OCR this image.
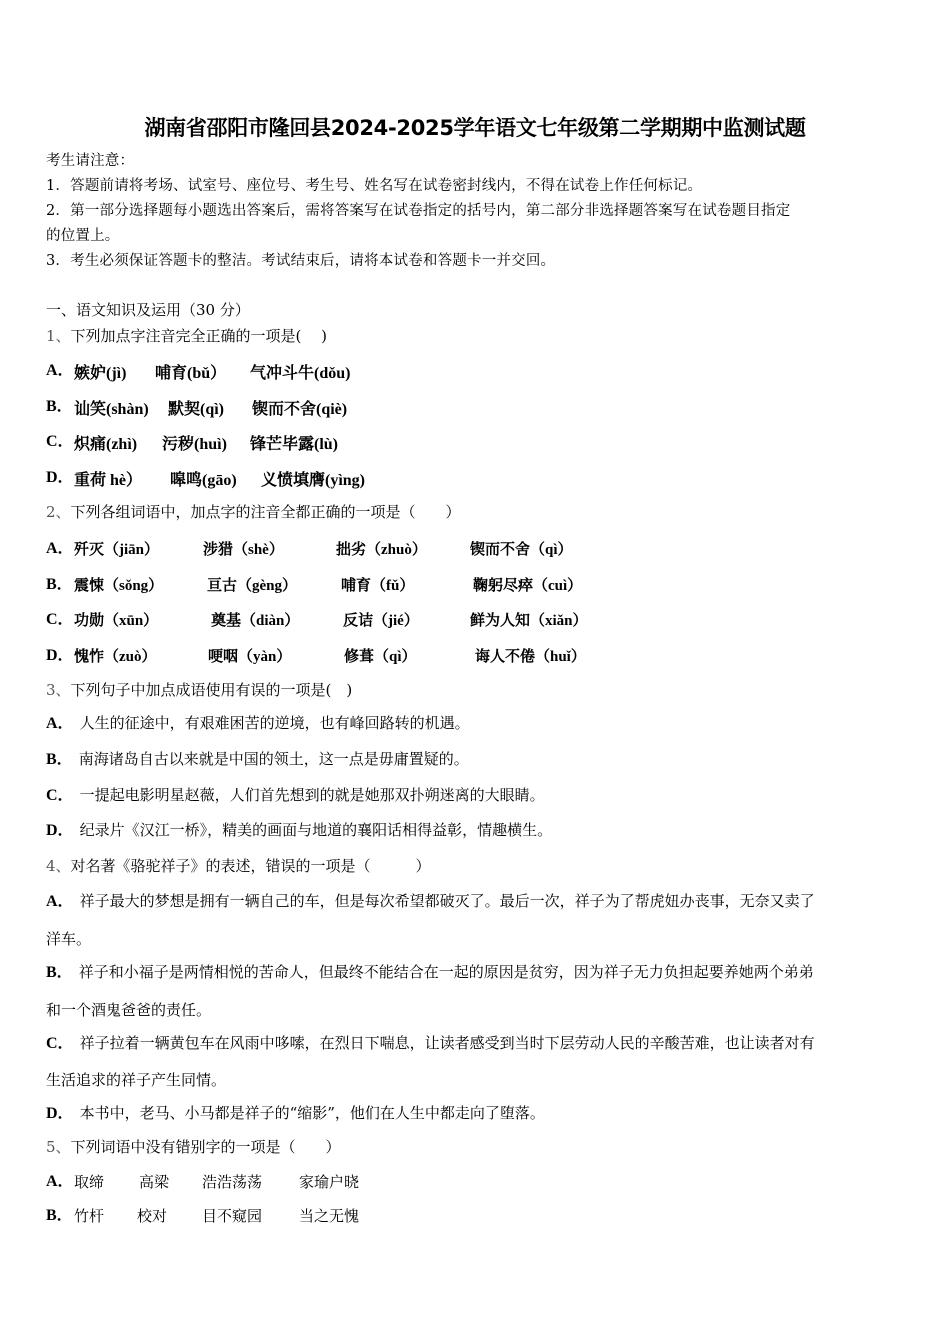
湖南省邵阳市隆回县2024-2025学年语文七年级第二学期期中监测试题
考生请注意：
1．答题前请将考场、试室号、座位号、考生号、姓名写在试卷密封线内，不得在试卷上作任何标记。
2．第一部分选择题每小题选出答案后，需将答案写在试卷指定的括号内，第二部分非选择题答案写在试卷题目指定
的位置上。
3．考生必须保证答题卡的整洁。考试结束后，请将本试卷和答题卡一并交回。
一、语文知识及运用（30 分）
1、下列加点字注音完全正确的一项是(　 )
A． 嫉妒(jì) 哺育(bǔ） 气冲斗牛(dǒu)
B． 讪笑(shàn) 默契(qì) 锲而不舍(qiè)
C． 炽痛(zhì) 污秽(huì) 锋芒毕露(lù)
D． 重荷 hè） 嗥鸣(gāo) 义愤填膺(yìng)
2、下列各组词语中，加点字的注音全都正确的一项是（　　）
A． 歼灭（jiān）	涉猎（shè）	拙劣（zhuò）	锲而不舍（qì）
B． 震悚（sǒng）	亘古（gèng）	哺育（fǔ）	鞠躬尽瘁（cuì）
C． 功勋（xūn）	奠基（diàn）	反诘（jié）	鲜为人知（xiǎn）
D． 愧怍（zuò）	哽咽（yàn）	修葺（qì）	诲人不倦（huǐ）
3、下列句子中加点成语使用有误的一项是(　)
A． 人生的征途中，有艰难困苦的逆境，也有峰回路转的机遇。
B． 南海诸岛自古以来就是中国的领土，这一点是毋庸置疑的。
C． 一提起电影明星赵薇，人们首先想到的就是她那双扑朔迷离的大眼睛。
D． 纪录片《汉江一桥》，精美的画面与地道的襄阳话相得益彰，情趣横生。
4、对名著《骆驼祥子》的表述，错误的一项是（　　　）
A． 祥子最大的梦想是拥有一辆自己的车，但是每次希望都破灭了。最后一次，祥子为了帮虎妞办丧事，无奈又卖了
洋车。
B． 祥子和小福子是两情相悦的苦命人，但最终不能结合在一起的原因是贫穷，因为祥子无力负担起要养她两个弟弟
和一个酒鬼爸爸的责任。
C． 祥子拉着一辆黄包车在风雨中哆嗦，在烈日下喘息，让读者感受到当时下层劳动人民的辛酸苦难，也让读者对有
生活追求的祥子产生同情。
D． 本书中，老马、小马都是祥子的“缩影”，他们在人生中都走向了堕落。
5、下列词语中没有错别字的一项是（　　）
A． 取缔 高梁 浩浩荡荡 家瑜户晓
B． 竹杆 校对 目不窥园 当之无愧
